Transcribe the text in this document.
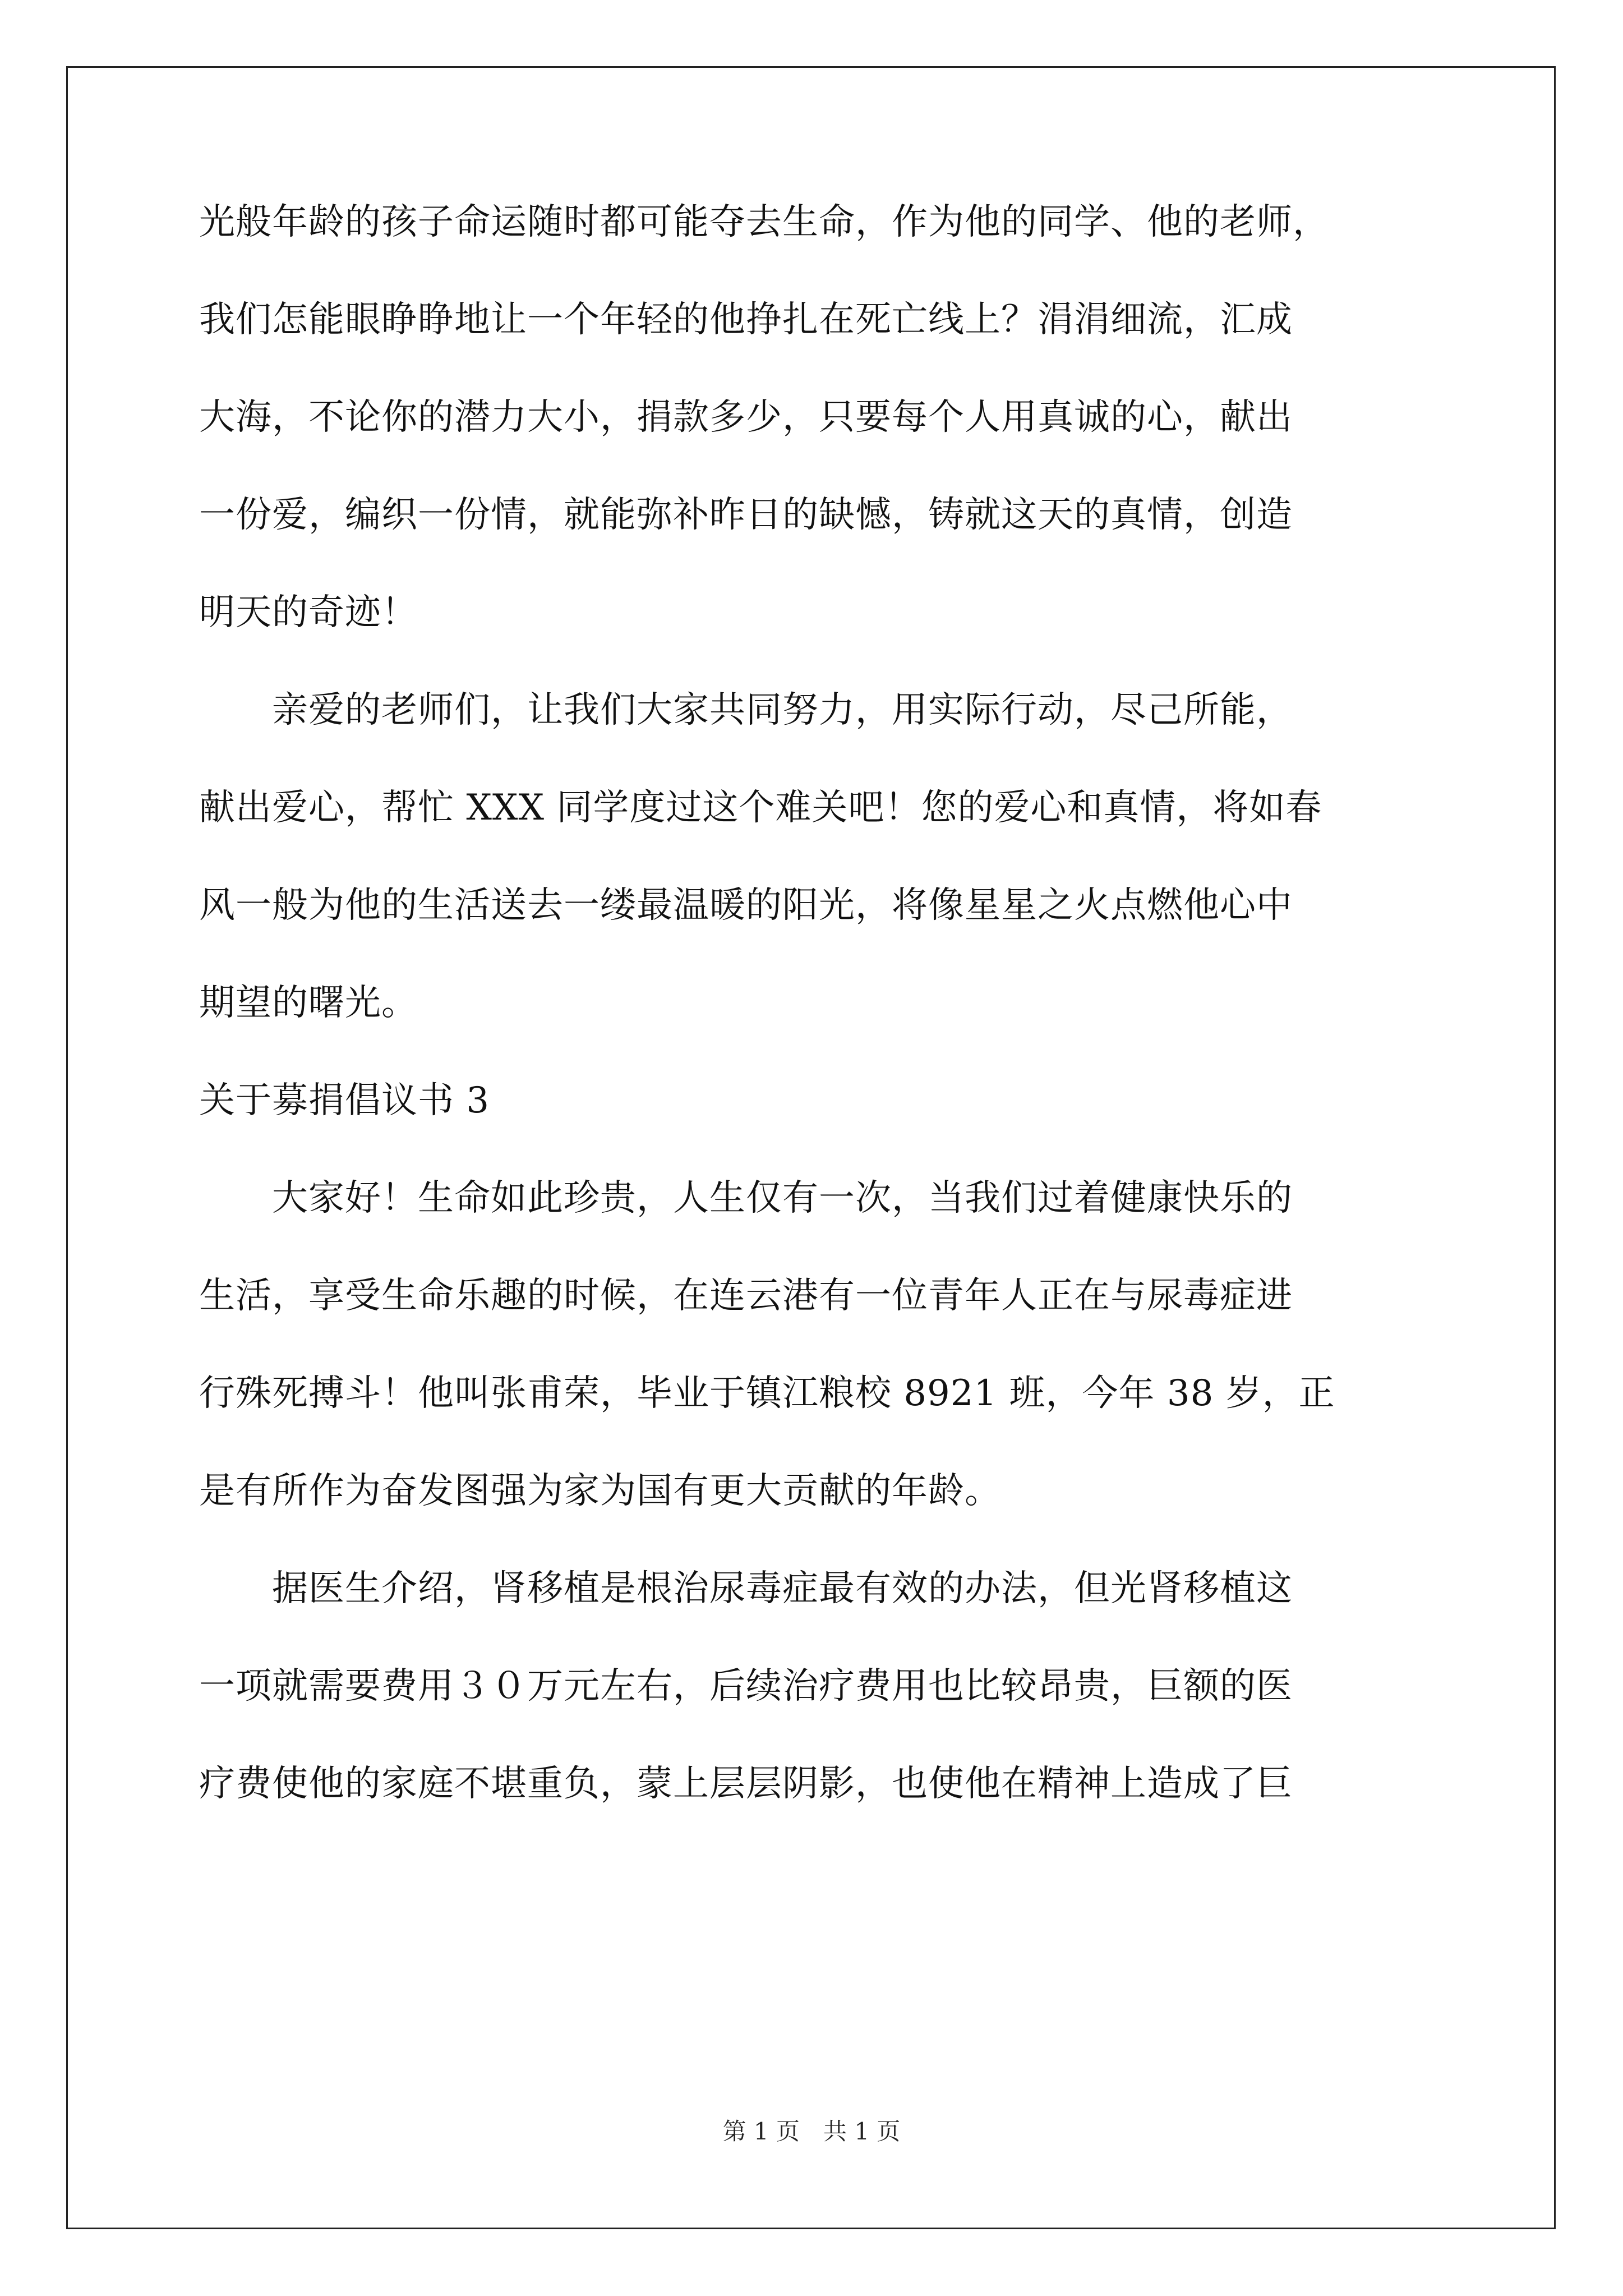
光般年龄的孩子命运随时都可能夺去生命，作为他的同学、他的老师，
我们怎能眼睁睁地让一个年轻的他挣扎在死亡线上？涓涓细流，汇成
大海，不论你的潜力大小，捐款多少，只要每个人用真诚的心，献出
一份爱，编织一份情，就能弥补昨日的缺憾，铸就这天的真情，创造
明天的奇迹！
　　亲爱的老师们，让我们大家共同努力，用实际行动，尽己所能，
献出爱心，帮忙 XXX 同学度过这个难关吧！您的爱心和真情，将如春
风一般为他的生活送去一缕最温暖的阳光，将像星星之火点燃他心中
期望的曙光。
关于募捐倡议书 3
　　大家好！生命如此珍贵，人生仅有一次，当我们过着健康快乐的
生活，享受生命乐趣的时候，在连云港有一位青年人正在与尿毒症进
行殊死搏斗！他叫张甫荣，毕业于镇江粮校 8921 班，今年 38 岁，正
是有所作为奋发图强为家为国有更大贡献的年龄。
　　据医生介绍，肾移植是根治尿毒症最有效的办法，但光肾移植这
一项就需要费用３０万元左右，后续治疗费用也比较昂贵，巨额的医
疗费使他的家庭不堪重负，蒙上层层阴影，也使他在精神上造成了巨
第 1 页　共 1 页
